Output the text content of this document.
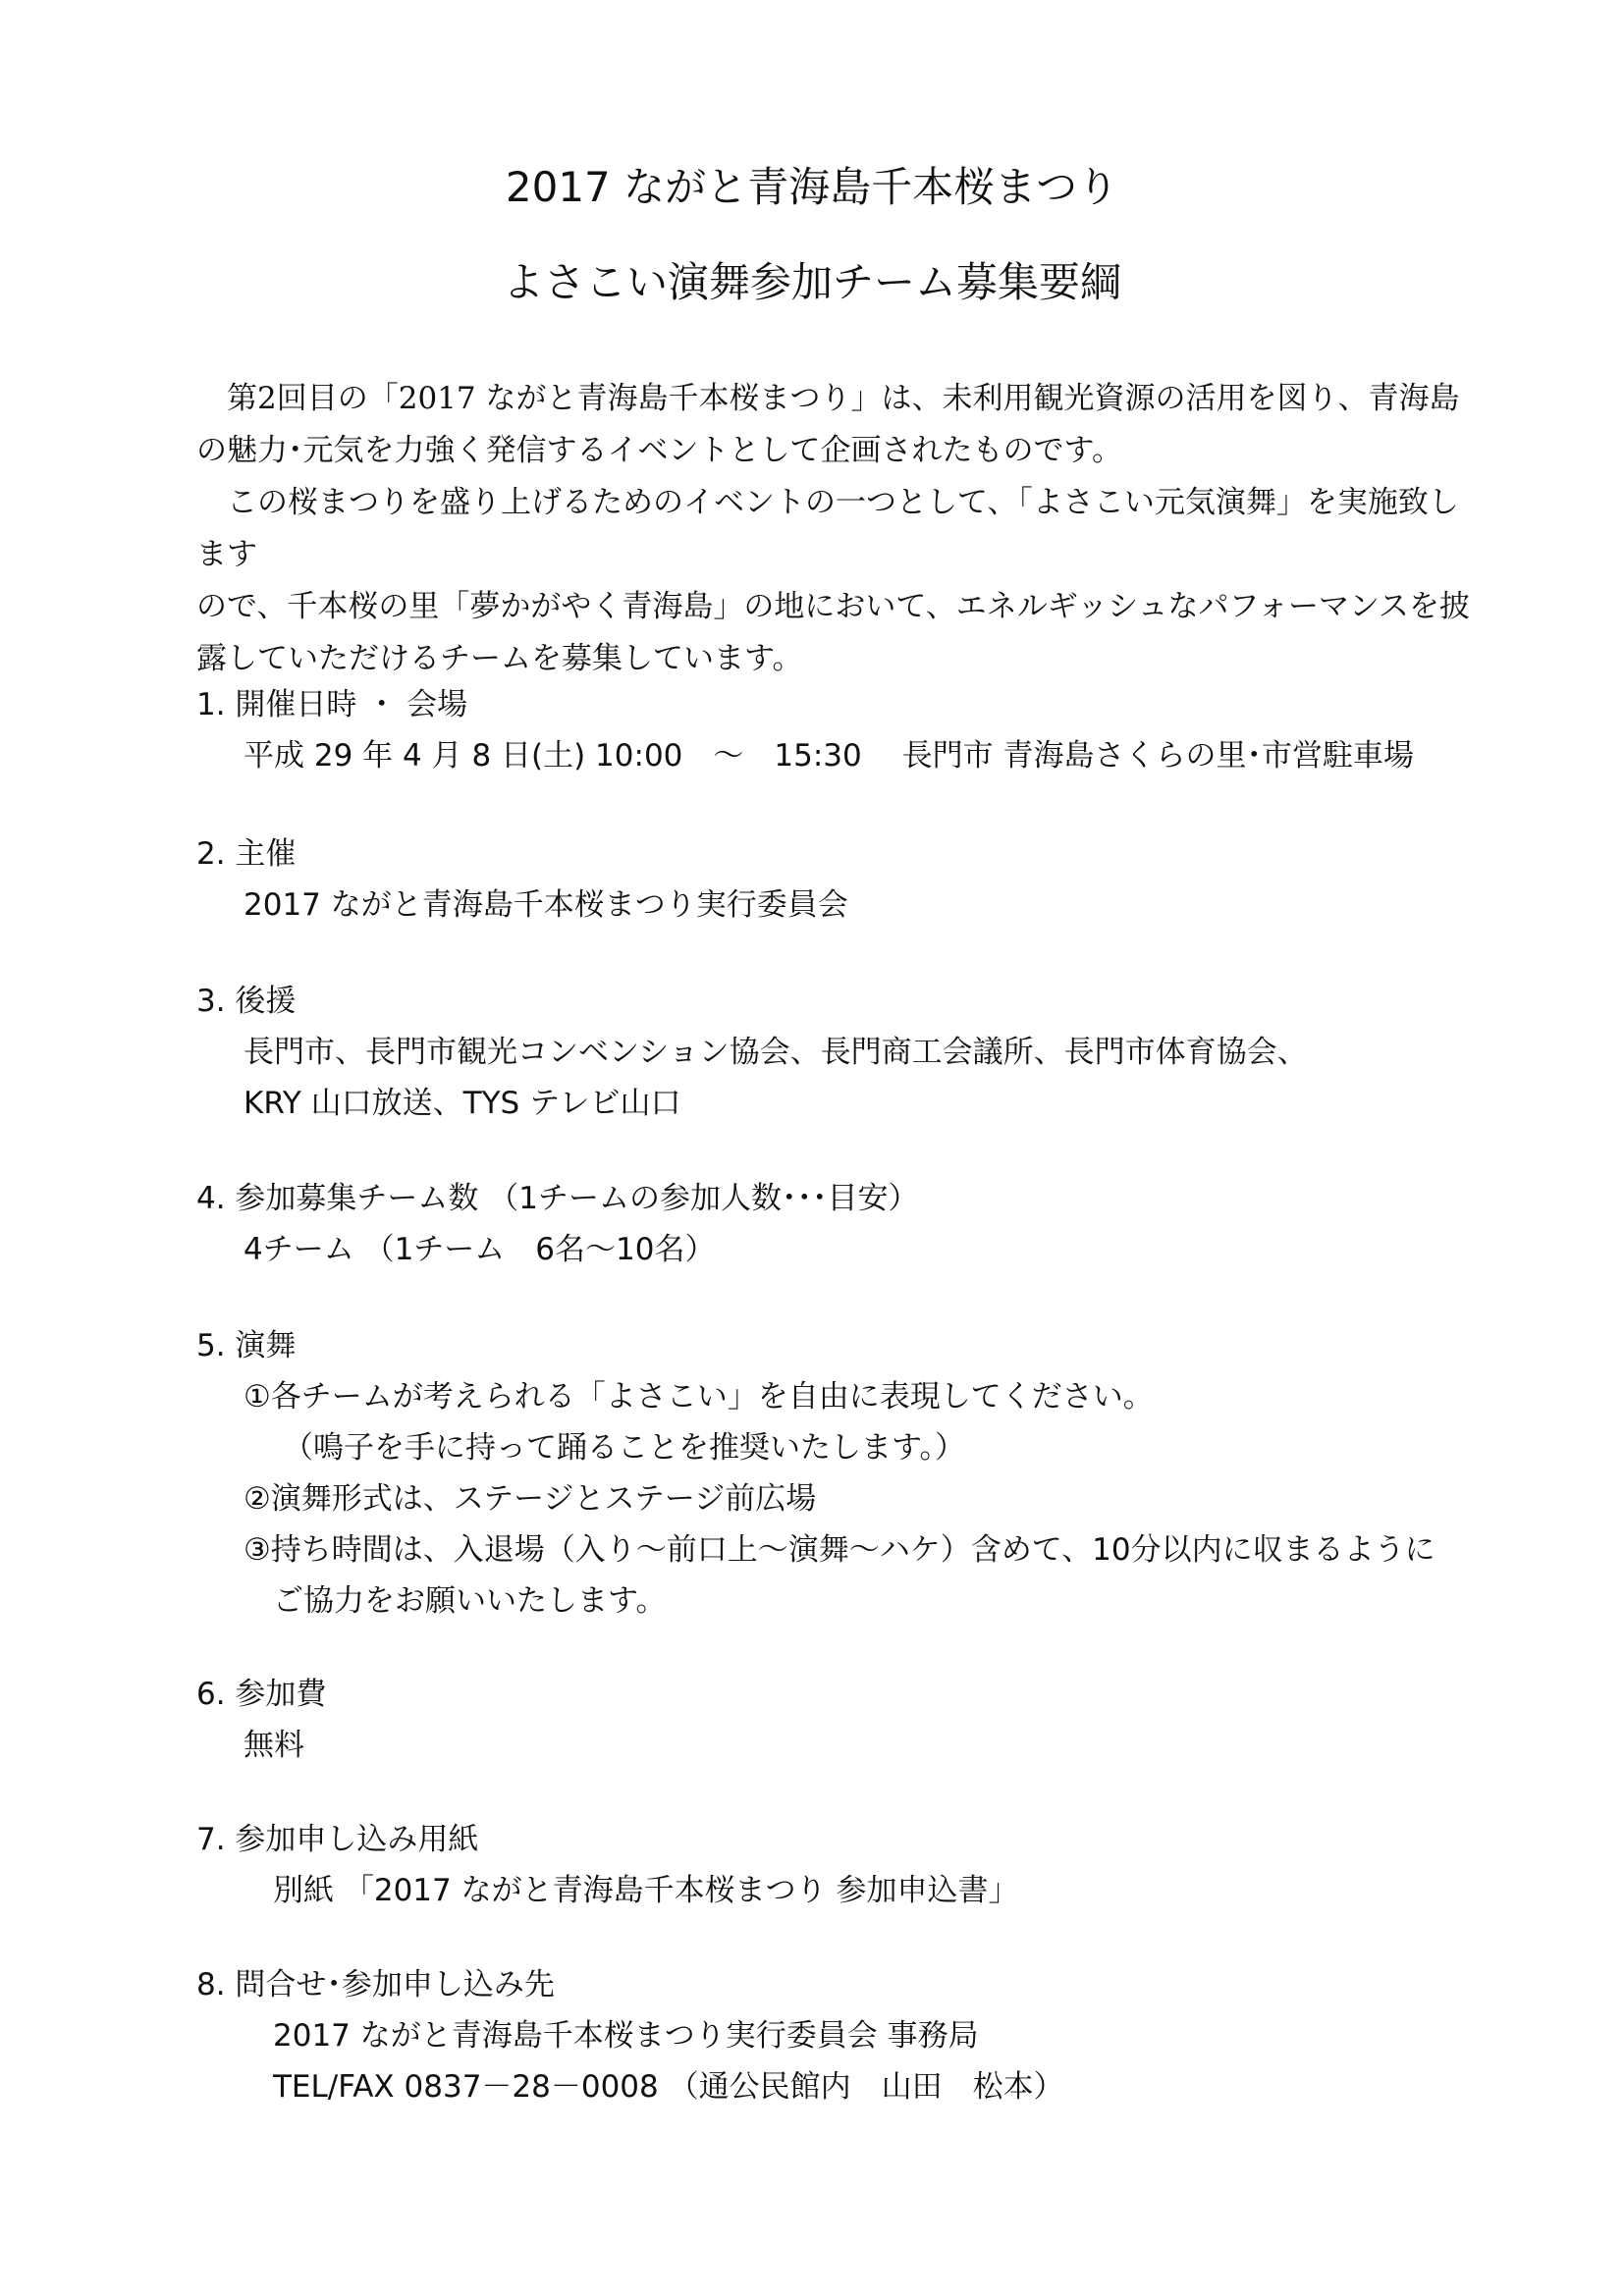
2017 ながと青海島千本桜まつり
よさこい演舞参加チーム募集要綱

　第2回目の「2017 ながと青海島千本桜まつり」は、未利用観光資源の活用を図り、青海島

の魅力･元気を力強く発信するイベントとして企画されたものです。

　この桜まつりを盛り上げるためのイベントの一つとして、「よさこい元気演舞」を実施致します

ので、千本桜の里「夢かがやく青海島」の地において、エネルギッシュなパフォーマンスを披

露していただけるチームを募集しています。

1. 開催日時 ・ 会場
平成 29 年 4 月 8 日(土) 10:00　～　15:30　 長門市 青海島さくらの里･市営駐車場
2. 主催
2017 ながと青海島千本桜まつり実行委員会
3. 後援
長門市、長門市観光コンベンション協会、長門商工会議所、長門市体育協会、
KRY 山口放送、TYS テレビ山口
4. 参加募集チーム数 （1チームの参加人数･･･目安）
4チーム （1チーム　6名～10名）
5. 演舞
①各チームが考えられる「よさこい」を自由に表現してください。
（鳴子を手に持って踊ることを推奨いたします。）
②演舞形式は、ステージとステージ前広場
③持ち時間は、入退場（入り～前口上～演舞～ハケ）含めて、10分以内に収まるように
ご協力をお願いいたします。
6. 参加費
無料
7. 参加申し込み用紙
別紙 「2017 ながと青海島千本桜まつり 参加申込書」
8. 問合せ･参加申し込み先
2017 ながと青海島千本桜まつり実行委員会 事務局
TEL/FAX 0837－28－0008 （通公民館内　山田　松本）
